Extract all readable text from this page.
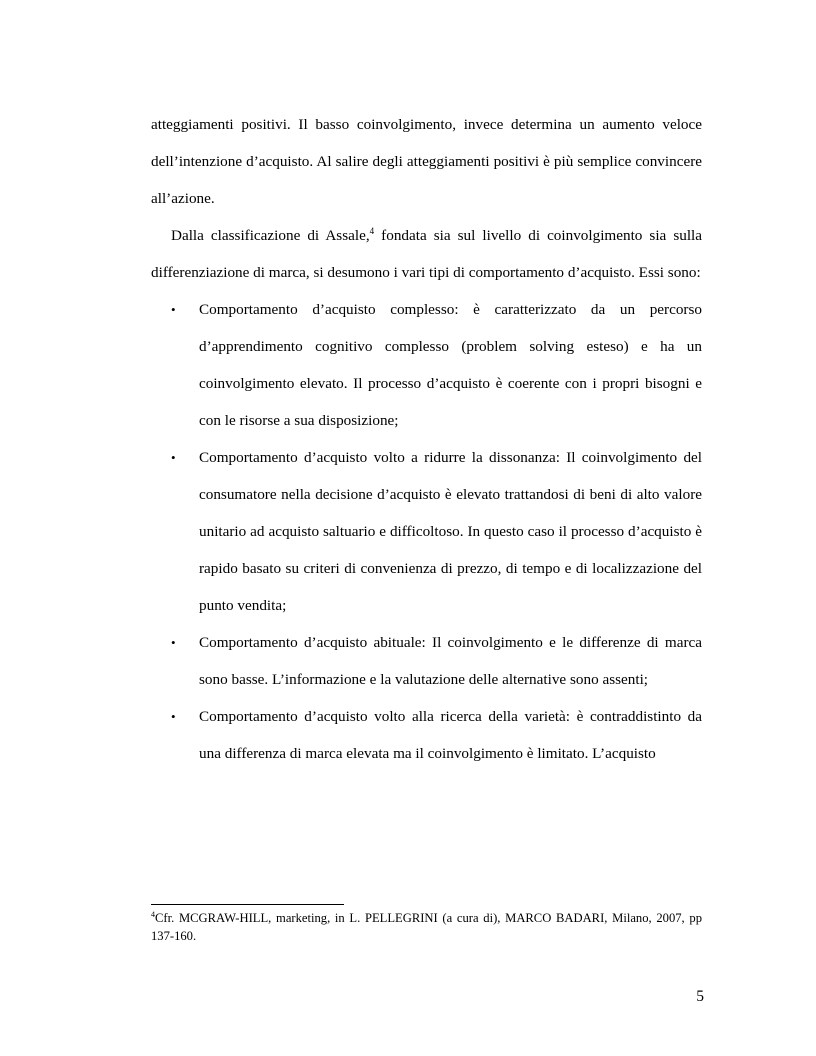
atteggiamenti positivi. Il basso coinvolgimento, invece determina un aumento veloce dell’intenzione d’acquisto. Al salire degli atteggiamenti positivi è più semplice convincere all’azione.

Dalla classificazione di Assale,$^4$ fondata sia sul livello di coinvolgimento sia sulla differenziazione di marca, si desumono i vari tipi di comportamento d’acquisto. Essi sono:

• Comportamento d’acquisto complesso: è caratterizzato da un percorso d’apprendimento cognitivo complesso (problem solving esteso) e ha un coinvolgimento elevato. Il processo d’acquisto è coerente con i propri bisogni e con le risorse a sua disposizione;
• Comportamento d’acquisto volto a ridurre la dissonanza: Il coinvolgimento del consumatore nella decisione d’acquisto è elevato trattandosi di beni di alto valore unitario ad acquisto saltuario e difficoltoso. In questo caso il processo d’acquisto è rapido basato su criteri di convenienza di prezzo, di tempo e di localizzazione del punto vendita;
• Comportamento d’acquisto abituale: Il coinvolgimento e le differenze di marca sono basse. L’informazione e la valutazione delle alternative sono assenti;
• Comportamento d’acquisto volto alla ricerca della varietà: è contraddistinto da una differenza di marca elevata ma il coinvolgimento è limitato. L’acquisto
$^4$Cfr. MCGRAW-HILL, marketing, in L. PELLEGRINI (a cura di), MARCO BADARI, Milano, 2007, pp 137-160.
5
